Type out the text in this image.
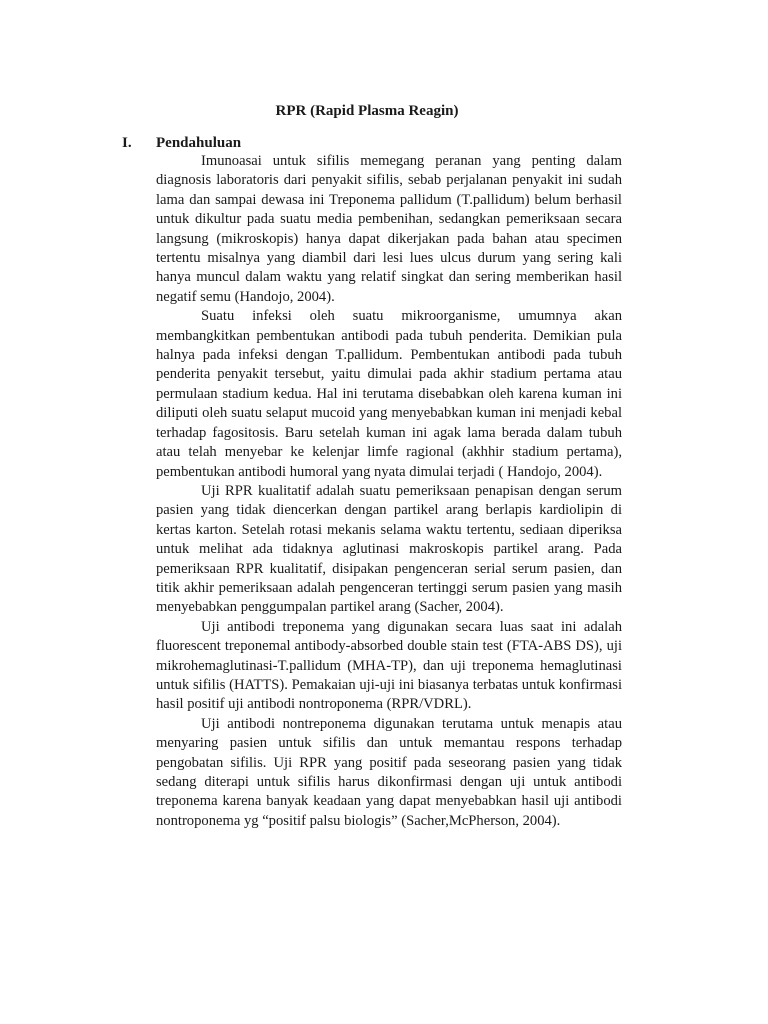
RPR (Rapid Plasma Reagin)
I. Pendahuluan

Imunoasai untuk sifilis memegang peranan yang penting dalam diagnosis laboratoris dari penyakit sifilis, sebab perjalanan penyakit ini sudah lama dan sampai dewasa ini Treponema pallidum (T.pallidum) belum berhasil untuk dikultur pada suatu media pembenihan, sedangkan pemeriksaan secara langsung (mikroskopis) hanya dapat dikerjakan pada bahan atau specimen tertentu misalnya yang diambil dari lesi lues ulcus durum yang sering kali hanya muncul dalam waktu yang relatif singkat dan sering memberikan hasil negatif semu (Handojo, 2004).

Suatu infeksi oleh suatu mikroorganisme, umumnya akan membangkitkan pembentukan antibodi pada tubuh penderita. Demikian pula halnya pada infeksi dengan T.pallidum. Pembentukan antibodi pada tubuh penderita penyakit tersebut, yaitu dimulai pada akhir stadium pertama atau permulaan stadium kedua. Hal ini terutama disebabkan oleh karena kuman ini diliputi oleh suatu selaput mucoid yang menyebabkan kuman ini menjadi kebal terhadap fagositosis. Baru setelah kuman ini agak lama berada dalam tubuh atau telah menyebar ke kelenjar limfe ragional (akhhir stadium pertama), pembentukan antibodi humoral yang nyata dimulai terjadi ( Handojo, 2004).

Uji RPR kualitatif adalah suatu pemeriksaan penapisan dengan serum pasien yang tidak diencerkan dengan partikel arang berlapis kardiolipin di kertas karton. Setelah rotasi mekanis selama waktu tertentu, sediaan diperiksa untuk melihat ada tidaknya aglutinasi makroskopis partikel arang. Pada pemeriksaan RPR kualitatif, disipakan pengenceran serial serum pasien, dan titik akhir pemeriksaan adalah pengenceran tertinggi serum pasien yang masih menyebabkan penggumpalan partikel arang (Sacher, 2004).

Uji antibodi treponema yang digunakan secara luas saat ini adalah fluorescent treponemal antibody-absorbed double stain test (FTA-ABS DS), uji mikrohemaglutinasi-T.pallidum (MHA-TP), dan uji treponema hemaglutinasi untuk sifilis (HATTS). Pemakaian uji-uji ini biasanya terbatas untuk konfirmasi hasil positif uji antibodi nontroponema (RPR/VDRL).

Uji antibodi nontreponema digunakan terutama untuk menapis atau menyaring pasien untuk sifilis dan untuk memantau respons terhadap pengobatan sifilis. Uji RPR yang positif pada seseorang pasien yang tidak sedang diterapi untuk sifilis harus dikonfirmasi dengan uji untuk antibodi treponema karena banyak keadaan yang dapat menyebabkan hasil uji antibodi nontroponema yg “positif palsu biologis” (Sacher,McPherson, 2004).
